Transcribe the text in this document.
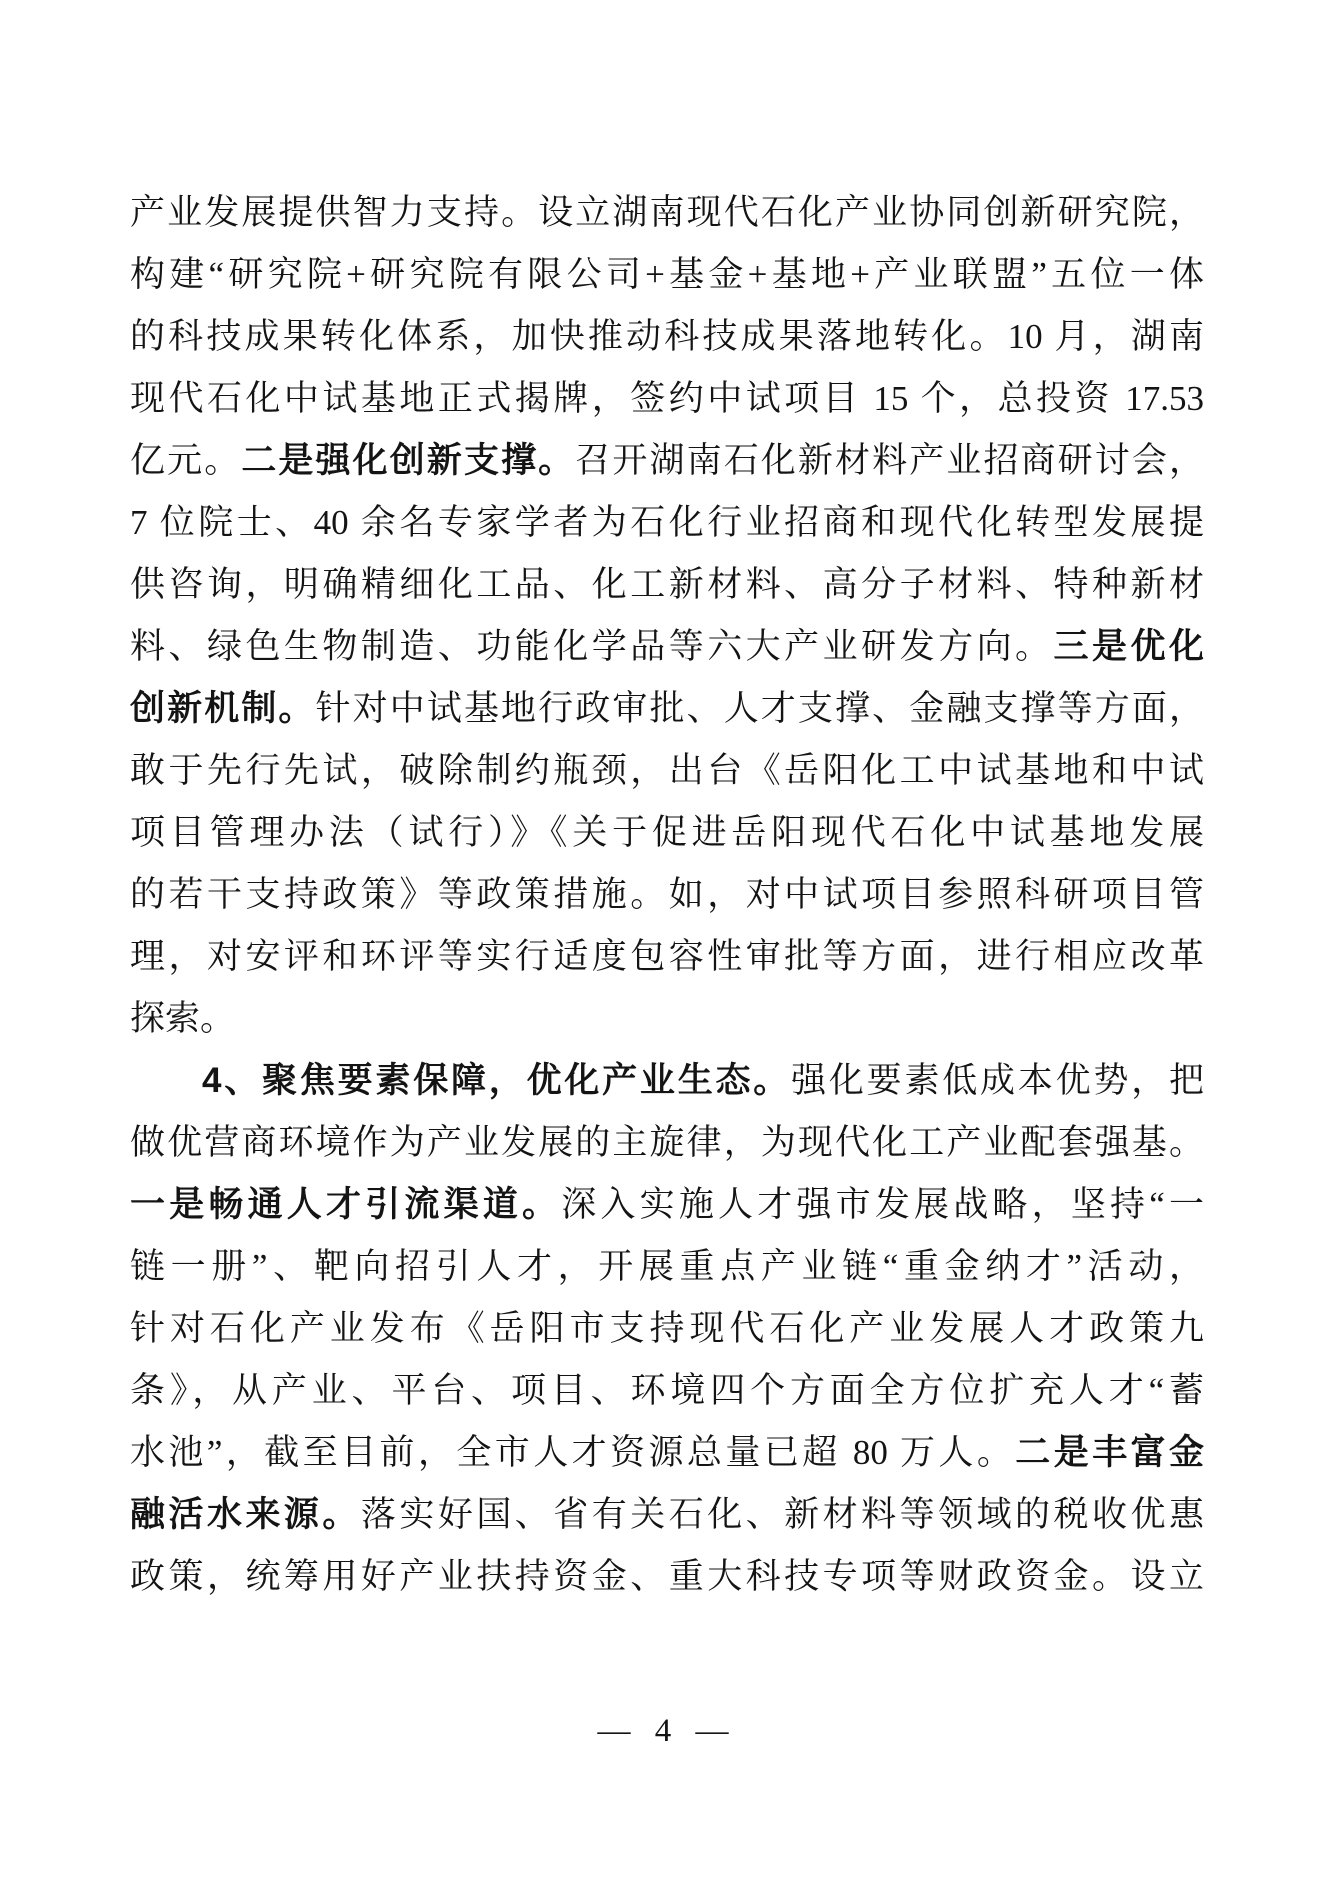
产业发展提供智力支持。设立湖南现代石化产业协同创新研究院，
构建“研究院+研究院有限公司+基金+基地+产业联盟”五位一体
的科技成果转化体系，加快推动科技成果落地转化。10 月，湖南
现代石化中试基地正式揭牌，签约中试项目 15 个，总投资 17.53
亿元。二是强化创新支撑。召开湖南石化新材料产业招商研讨会，
7 位院士、40 余名专家学者为石化行业招商和现代化转型发展提
供咨询，明确精细化工品、化工新材料、高分子材料、特种新材
料、绿色生物制造、功能化学品等六大产业研发方向。三是优化
创新机制。针对中试基地行政审批、人才支撑、金融支撑等方面，
敢于先行先试，破除制约瓶颈，出台《岳阳化工中试基地和中试
项目管理办法（试行）》《关于促进岳阳现代石化中试基地发展
的若干支持政策》等政策措施。如，对中试项目参照科研项目管
理，对安评和环评等实行适度包容性审批等方面，进行相应改革
探索。
4、聚焦要素保障，优化产业生态。强化要素低成本优势，把
做优营商环境作为产业发展的主旋律，为现代化工产业配套强基。
一是畅通人才引流渠道。深入实施人才强市发展战略，坚持“一
链一册”、靶向招引人才，开展重点产业链“重金纳才”活动，
针对石化产业发布《岳阳市支持现代石化产业发展人才政策九
条》，从产业、平台、项目、环境四个方面全方位扩充人才“蓄
水池”，截至目前，全市人才资源总量已超 80 万人。二是丰富金
融活水来源。落实好国、省有关石化、新材料等领域的税收优惠
政策，统筹用好产业扶持资金、重大科技专项等财政资金。设立
— 4 —
